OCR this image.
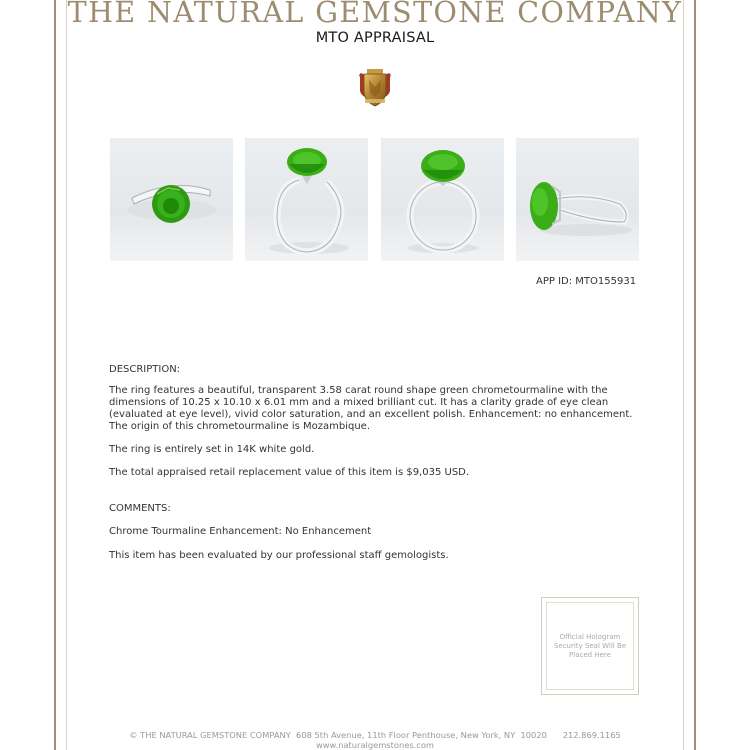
THE NATURAL GEMSTONE COMPANY
MTO APPRAISAL
APP ID: MTO155931
DESCRIPTION:
The ring features a beautiful, transparent 3.58 carat round shape green chrometourmaline with the dimensions of 10.25 x 10.10 x 6.01 mm and a mixed brilliant cut. It has a clarity grade of eye clean (evaluated at eye level), vivid color saturation, and an excellent polish. Enhancement: no enhancement. The origin of this chrometourmaline is Mozambique.
The ring is entirely set in 14K white gold.
The total appraised retail replacement value of this item is $9,035 USD.
COMMENTS:
Chrome Tourmaline Enhancement: No Enhancement
This item has been evaluated by our professional staff gemologists.
Official Hologram Security Seal Will Be Placed Here
© THE NATURAL GEMSTONE COMPANY  608 5th Avenue, 11th Floor Penthouse, New York, NY  10020      212.869.1165
www.naturalgemstones.com
